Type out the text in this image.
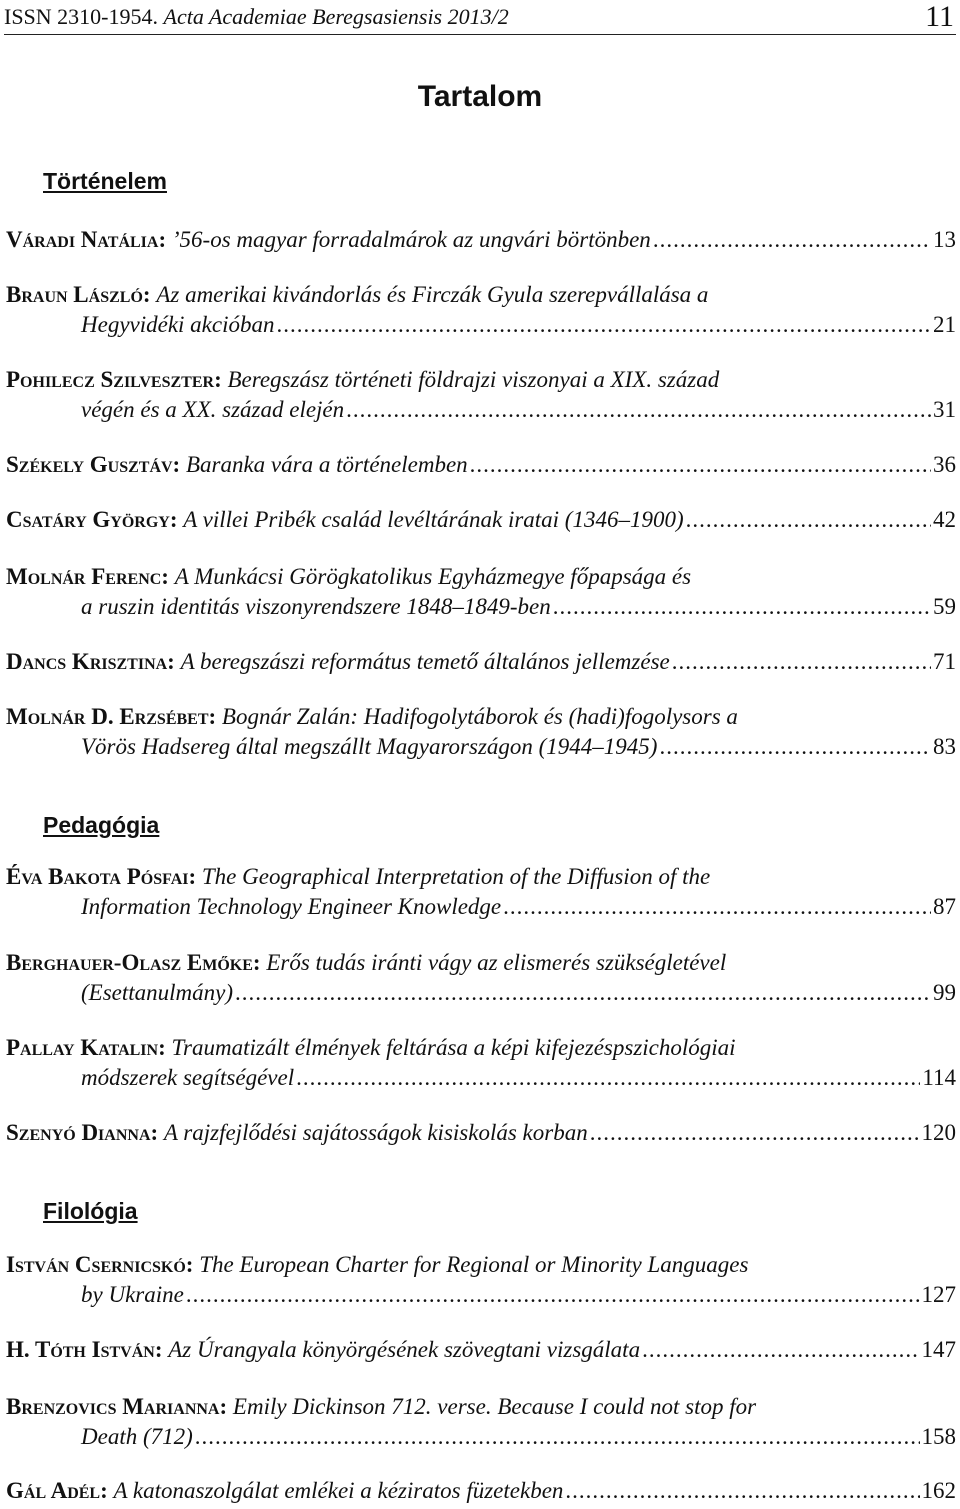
ISSN 2310-1954. Acta Academiae Beregsasiensis 2013/2	11
Tartalom
Történelem
Váradi Natália: ’56-os magyar forradalmárok az ungvári börtönben .....	13
Braun László: Az amerikai kivándorlás és Firczák Gyula szerepvállalása a
Hegyvidéki akcióban .....	21
Pohilecz Szilveszter: Beregszász történeti földrajzi viszonyai a XIX. század
végén és a XX. század elején .....	31
Székely Gusztáv: Baranka vára a történelemben .....	36
Csatáry György: A villei Pribék család levéltárának iratai (1346–1900) .....	42
Molnár Ferenc: A Munkácsi Görögkatolikus Egyházmegye főpapsága és
a ruszin identitás viszonyrendszere 1848–1849-ben .....	59
Dancs Krisztina: A beregszászi református temető általános jellemzése .....	71
Molnár D. Erzsébet: Bognár Zalán: Hadifogolytáborok és (hadi)fogolysors a
Vörös Hadsereg által megszállt Magyarországon (1944–1945) .....	83
Pedagógia
Éva Bakota Pósfai: The Geographical Interpretation of the Diffusion of the
Information Technology Engineer Knowledge .....	87
Berghauer-Olasz Emőke: Erős tudás iránti vágy az elismerés szükségletével
(Esettanulmány) .....	99
Pallay Katalin: Traumatizált élmények feltárása a képi kifejezéspszichológiai
módszerek segítségével .....	114
Szenyó Dianna: A rajzfejlődési sajátosságok kisiskolás korban .....	120
Filológia
István Csernicskó: The European Charter for Regional or Minority Languages
by Ukraine .....	127
H. Tóth István: Az Úrangyala könyörgésének szövegtani vizsgálata .....	147
Brenzovics Marianna: Emily Dickinson 712. verse. Because I could not stop for
Death (712) .....	158
Gál Adél: A katonaszolgálat emlékei a kéziratos füzetekben .....	162
